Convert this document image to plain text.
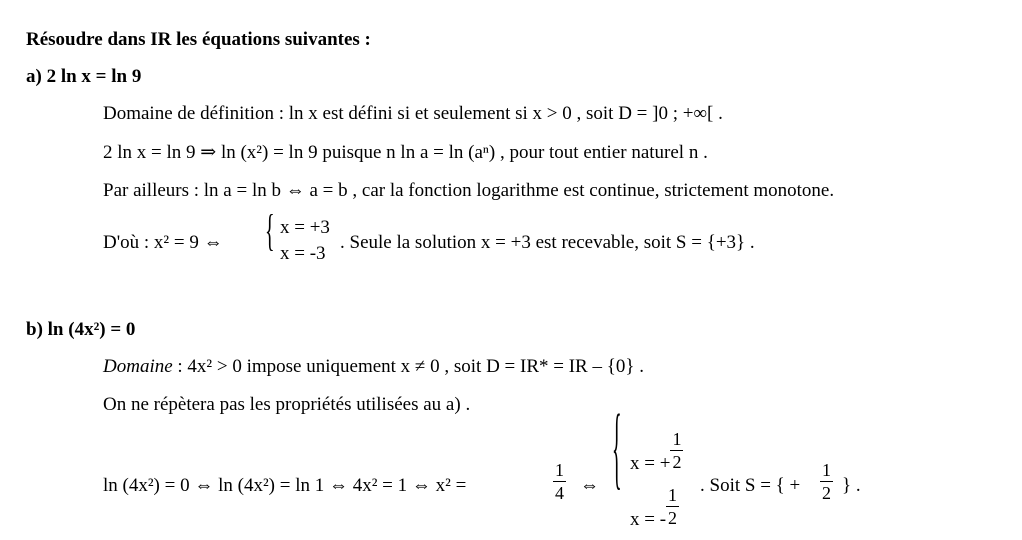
Résoudre dans IR les équations suivantes :
a) 2 ln x = ln 9
Domaine de définition : ln x est défini si et seulement si x > 0 , soit D = ]0 ; +∞[ .
2 ln x = ln 9 ⇒ ln (x²) = ln 9 puisque n ln a = ln (aⁿ) , pour tout entier naturel n .
Par ailleurs : ln a = ln b ⇔ a = b , car la fonction logarithme est continue, strictement monotone.
D'où : x² = 9 ⇔ { x = +3
x = -3
. Seule la solution x = +3 est recevable, soit S = {+3} .
b) ln (4x²) = 0
Domaine : 4x² > 0 impose uniquement x ≠ 0 , soit D = IR* = IR – {0} .
On ne répètera pas les propriétés utilisées au a) .
ln (4x²) = 0 ⇔ ln (4x²) = ln 1 ⇔ 4x² = 1 ⇔ x² =	$\frac{1}{4}$ ⇔ { x = + $\frac{1}{2}$
x = - $\frac{1}{2}$
. Soit S = { + $\frac{1}{2}$ } .
